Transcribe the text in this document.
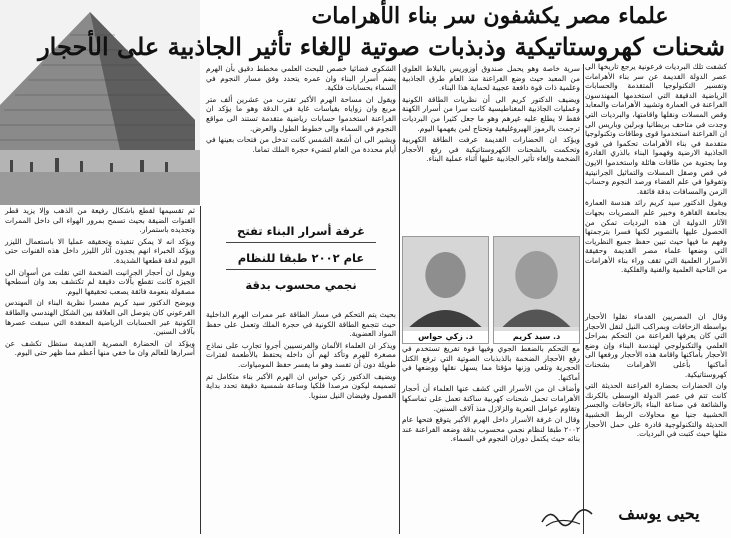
علماء مصر يكشفون سر بناء الأهرامات
شحنات كهروستاتيكية وذبذبات صوتية لإلغاء تأثير الجاذبية على الأحجار

كشفت تلك البرديات فرعونية يرجع تاريخها الى عصر الدولة القديمة عن سر بناء الأهرامات وتفسير التكنولوجيا المتقدمة والحسابات الرياضية الدقيقة التي استخدمها المهندسون الفراعنة في العمارة وتشييد الأهرامات والمعابد وقص المسلات ونقلها واقامتها، والبرديات التي وجدت في متاحف بريطانيا وبرلين وباريس الى ان الفراعنة استخدموا قوى وطاقات وتكنولوجيا متقدمة في بناء الأهرامات تحكموا في قوى الجاذبية الارضية وفهموا البناء بالذري القادرة وما يحتوية من طاقات هائلة واستخدموا الايون في قص وصقل المسلات والتماثيل الجرانيتية وتفوقوا في علم الفضاء ورصد النجوم وحساب الزمن والمسافات بدقة فائقة.

ويقول الدكتور سيد كريم رائد هندسة العمارة بجامعة القاهرة وخبير علم المصريات بجهات الآثار الدولية ان هذه البرديات تمكن من الحصول عليها بالتصوير لكنها فسرا بترجمتها وفهم ما فيها حيث تبين حفظ جميع النظريات التي وضعها علماء مصر القديمة وحقيقة الأسرار العلمية التي تقف وراء بناء الأهرامات من الناحية العلمية والفنية والفلكية.

وقال ان المصريين القدماء نقلوا الأحجار بواسطة الزحافات وبمراكب النيل لنقل الأحجار التي كان يعرفها الفراعنة من التحكم بمراحل العلمي والتكنولوجي لهندسة البناء وإن وضع الأحجار بأماكنها واقامة هذه الأحجار ورفعها الى أماكنها بأعلى الأهرامات بشحنات كهروستاتيكية.

وان الحضارات بحضارة الفراعنة الحديثة التي كانت تتم في عصر الدولة الوسطى بالكرنك والشائعة في صناعة البناء بالزحافات والجسر الخشبية جنيا مع محاولات الربط الخشبية الحديثة والتكنولوجية قادرة على حمل الأحجار مثلها حيث كتبت في البرديات.

سرية خاصة وهو يحمل صندوق أوزوريس بالبلاط العلوي من المعبد حيث وضع الفراعنة منذ العام طرق الجاذبية وعلمية ذات قوة دافعة عجيبة لحماية هذا البناء.

ويضيف الدكتور كريم الى أن نظريات الطاقة الكونية وعمليات الجاذبية المغناطيسية كانت سرا من أسرار الكهنة فقط لا يطلع عليه غيرهم وهو ما جعل كثيرا من البرديات ترجمت بالرموز الهيروغليفية وتحتاج لمن يفهمها اليوم.

ويؤكد ان الحضارات القديمة عرفت الطاقة الكهربية وتحكمت بالشحنات الكهروستاتيكية في رفع الأحجار الضخمة وإلغاء تأثير الجاذبية عليها أثناء عملية البناء.

د. سيد كريم
د. زكي حواس

مع التحكم بالضغط الجوي وفيها قوة تفريغ تستخدم في رفع الأحجار الضخمة بالذبذبات الصوتية التي ترفع الكتل الحجرية وتلغي وزنها مؤقتا مما يسهل نقلها ووضعها في أماكنها.

وأضاف ان من الأسرار التي كشف عنها العلماء أن أحجار الأهرامات تحمل شحنات كهربية ساكنة تعمل على تماسكها وتقاوم عوامل التعرية والزلازل منذ آلاف السنين.

وقال ان غرفة الأسرار داخل الهرم الأكبر يتوقع فتحها عام ٢٠٠٢ طبقا لنظام نجمي محسوب بدقة وضعه الفراعنة عند بنائه حيث يكتمل دوران النجوم في السماء.

الشكوى فضائيا خصص للبحث العلمي مخطط دقيق بأن الهرم يضم أسرار البناء وان عمره يتحدد وفق مسار النجوم في السماء بحسابات فلكية.

ويقول ان مساحة الهرم الأكبر تقترب من عشرين ألف متر مربع وان زواياه بقياسات غاية في الدقة وهو ما يؤكد ان الفراعنة استخدموا حسابات رياضية متقدمة تستند الى مواقع النجوم في السماء وإلى خطوط الطول والعرض.

ويشير الى ان أشعة الشمس كانت تدخل من فتحات بعينها في أيام محددة من العام لتضيء حجرة الملك تماما.

غرفة أسرار البناء تفتح
عام ٢٠٠٢ طبقا للنظام
نجمي محسوب بدقة

بحيث يتم التحكم في مسار الطاقة عبر ممرات الهرم الداخلية حيث تتجمع الطاقة الكونية في حجرة الملك وتعمل على حفظ المواد العضوية.

ويذكر ان العلماء الألمان والفرنسيين أجروا تجارب على نماذج مصغرة للهرم وتأكد لهم أن داخله يحتفظ بالأطعمة لفترات طويلة دون أن تفسد وهو ما يفسر حفظ المومياوات.

ويضيف الدكتور زكي حواس ان الهرم الأكبر بناء متكامل تم تصميمه ليكون مرصدا فلكيا وساعة شمسية دقيقة تحدد بداية الفصول وفيضان النيل سنويا.

ثم تقسيمها لقطع باشكال رفيعة من الذهب وإلا يزيد قطر القنوات الضيقة بحيث تسمح بمرور الهواء الى داخل الممرات وتجديده باستمرار.

ويؤكد انه لا يمكن تنفيذه وتحقيقه عمليا الا باستعمال الليزر ويؤكد الخبراء انهم يجدون آثار الليزر داخل هذه القنوات حتى اليوم لدقة قطعها الشديدة.

ويقول ان أحجار الجرانيت الضخمة التي نقلت من أسوان الى الجيزة كانت تقطع بآلات دقيقة لم تكتشف بعد وان أسطحها مصقولة بنعومة فائقة يصعب تحقيقها اليوم.

ويوضح الدكتور سيد كريم مفسرا نظرية البناء ان المهندس الفرعوني كان يتوصل الى العلاقة بين الشكل الهندسي والطاقة الكونية عبر الحسابات الرياضية المعقدة التي سبقت عصرها بآلاف السنين.

ويؤكد ان الحضارة المصرية القديمة ستظل تكشف عن أسرارها للعالم وان ما خفي منها أعظم مما ظهر حتى اليوم.

يحيى يوسف
